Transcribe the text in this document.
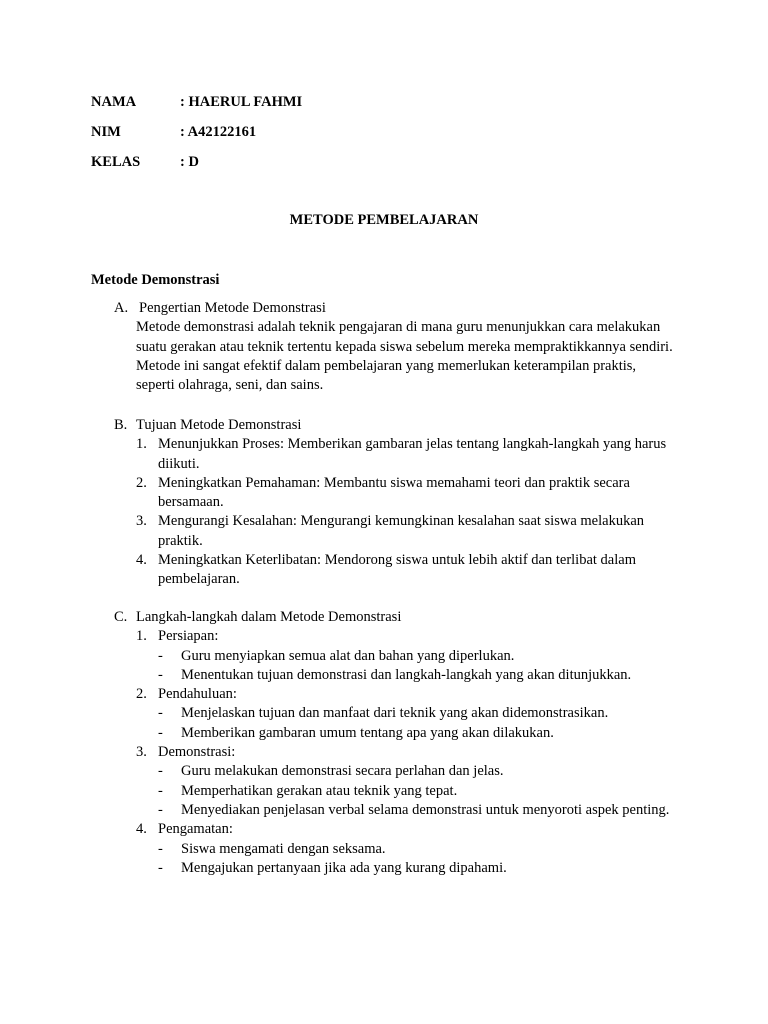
NAMA	: HAERUL FAHMI
NIM	: A42122161
KELAS	: D
METODE PEMBELAJARAN
Metode Demonstrasi
A. Pengertian Metode Demonstrasi
Metode demonstrasi adalah teknik pengajaran di mana guru menunjukkan cara melakukan suatu gerakan atau teknik tertentu kepada siswa sebelum mereka mempraktikkannya sendiri. Metode ini sangat efektif dalam pembelajaran yang memerlukan keterampilan praktis, seperti olahraga, seni, dan sains.
B. Tujuan Metode Demonstrasi
1. Menunjukkan Proses: Memberikan gambaran jelas tentang langkah-langkah yang harus diikuti.
2. Meningkatkan Pemahaman: Membantu siswa memahami teori dan praktik secara bersamaan.
3. Mengurangi Kesalahan: Mengurangi kemungkinan kesalahan saat siswa melakukan praktik.
4. Meningkatkan Keterlibatan: Mendorong siswa untuk lebih aktif dan terlibat dalam pembelajaran.
C. Langkah-langkah dalam Metode Demonstrasi
1. Persiapan:
-	Guru menyiapkan semua alat dan bahan yang diperlukan.
-	Menentukan tujuan demonstrasi dan langkah-langkah yang akan ditunjukkan.
2. Pendahuluan:
-	Menjelaskan tujuan dan manfaat dari teknik yang akan didemonstrasikan.
-	Memberikan gambaran umum tentang apa yang akan dilakukan.
3. Demonstrasi:
-	Guru melakukan demonstrasi secara perlahan dan jelas.
-	Memperhatikan gerakan atau teknik yang tepat.
-	Menyediakan penjelasan verbal selama demonstrasi untuk menyoroti aspek penting.
4. Pengamatan:
-	Siswa mengamati dengan seksama.
-	Mengajukan pertanyaan jika ada yang kurang dipahami.
